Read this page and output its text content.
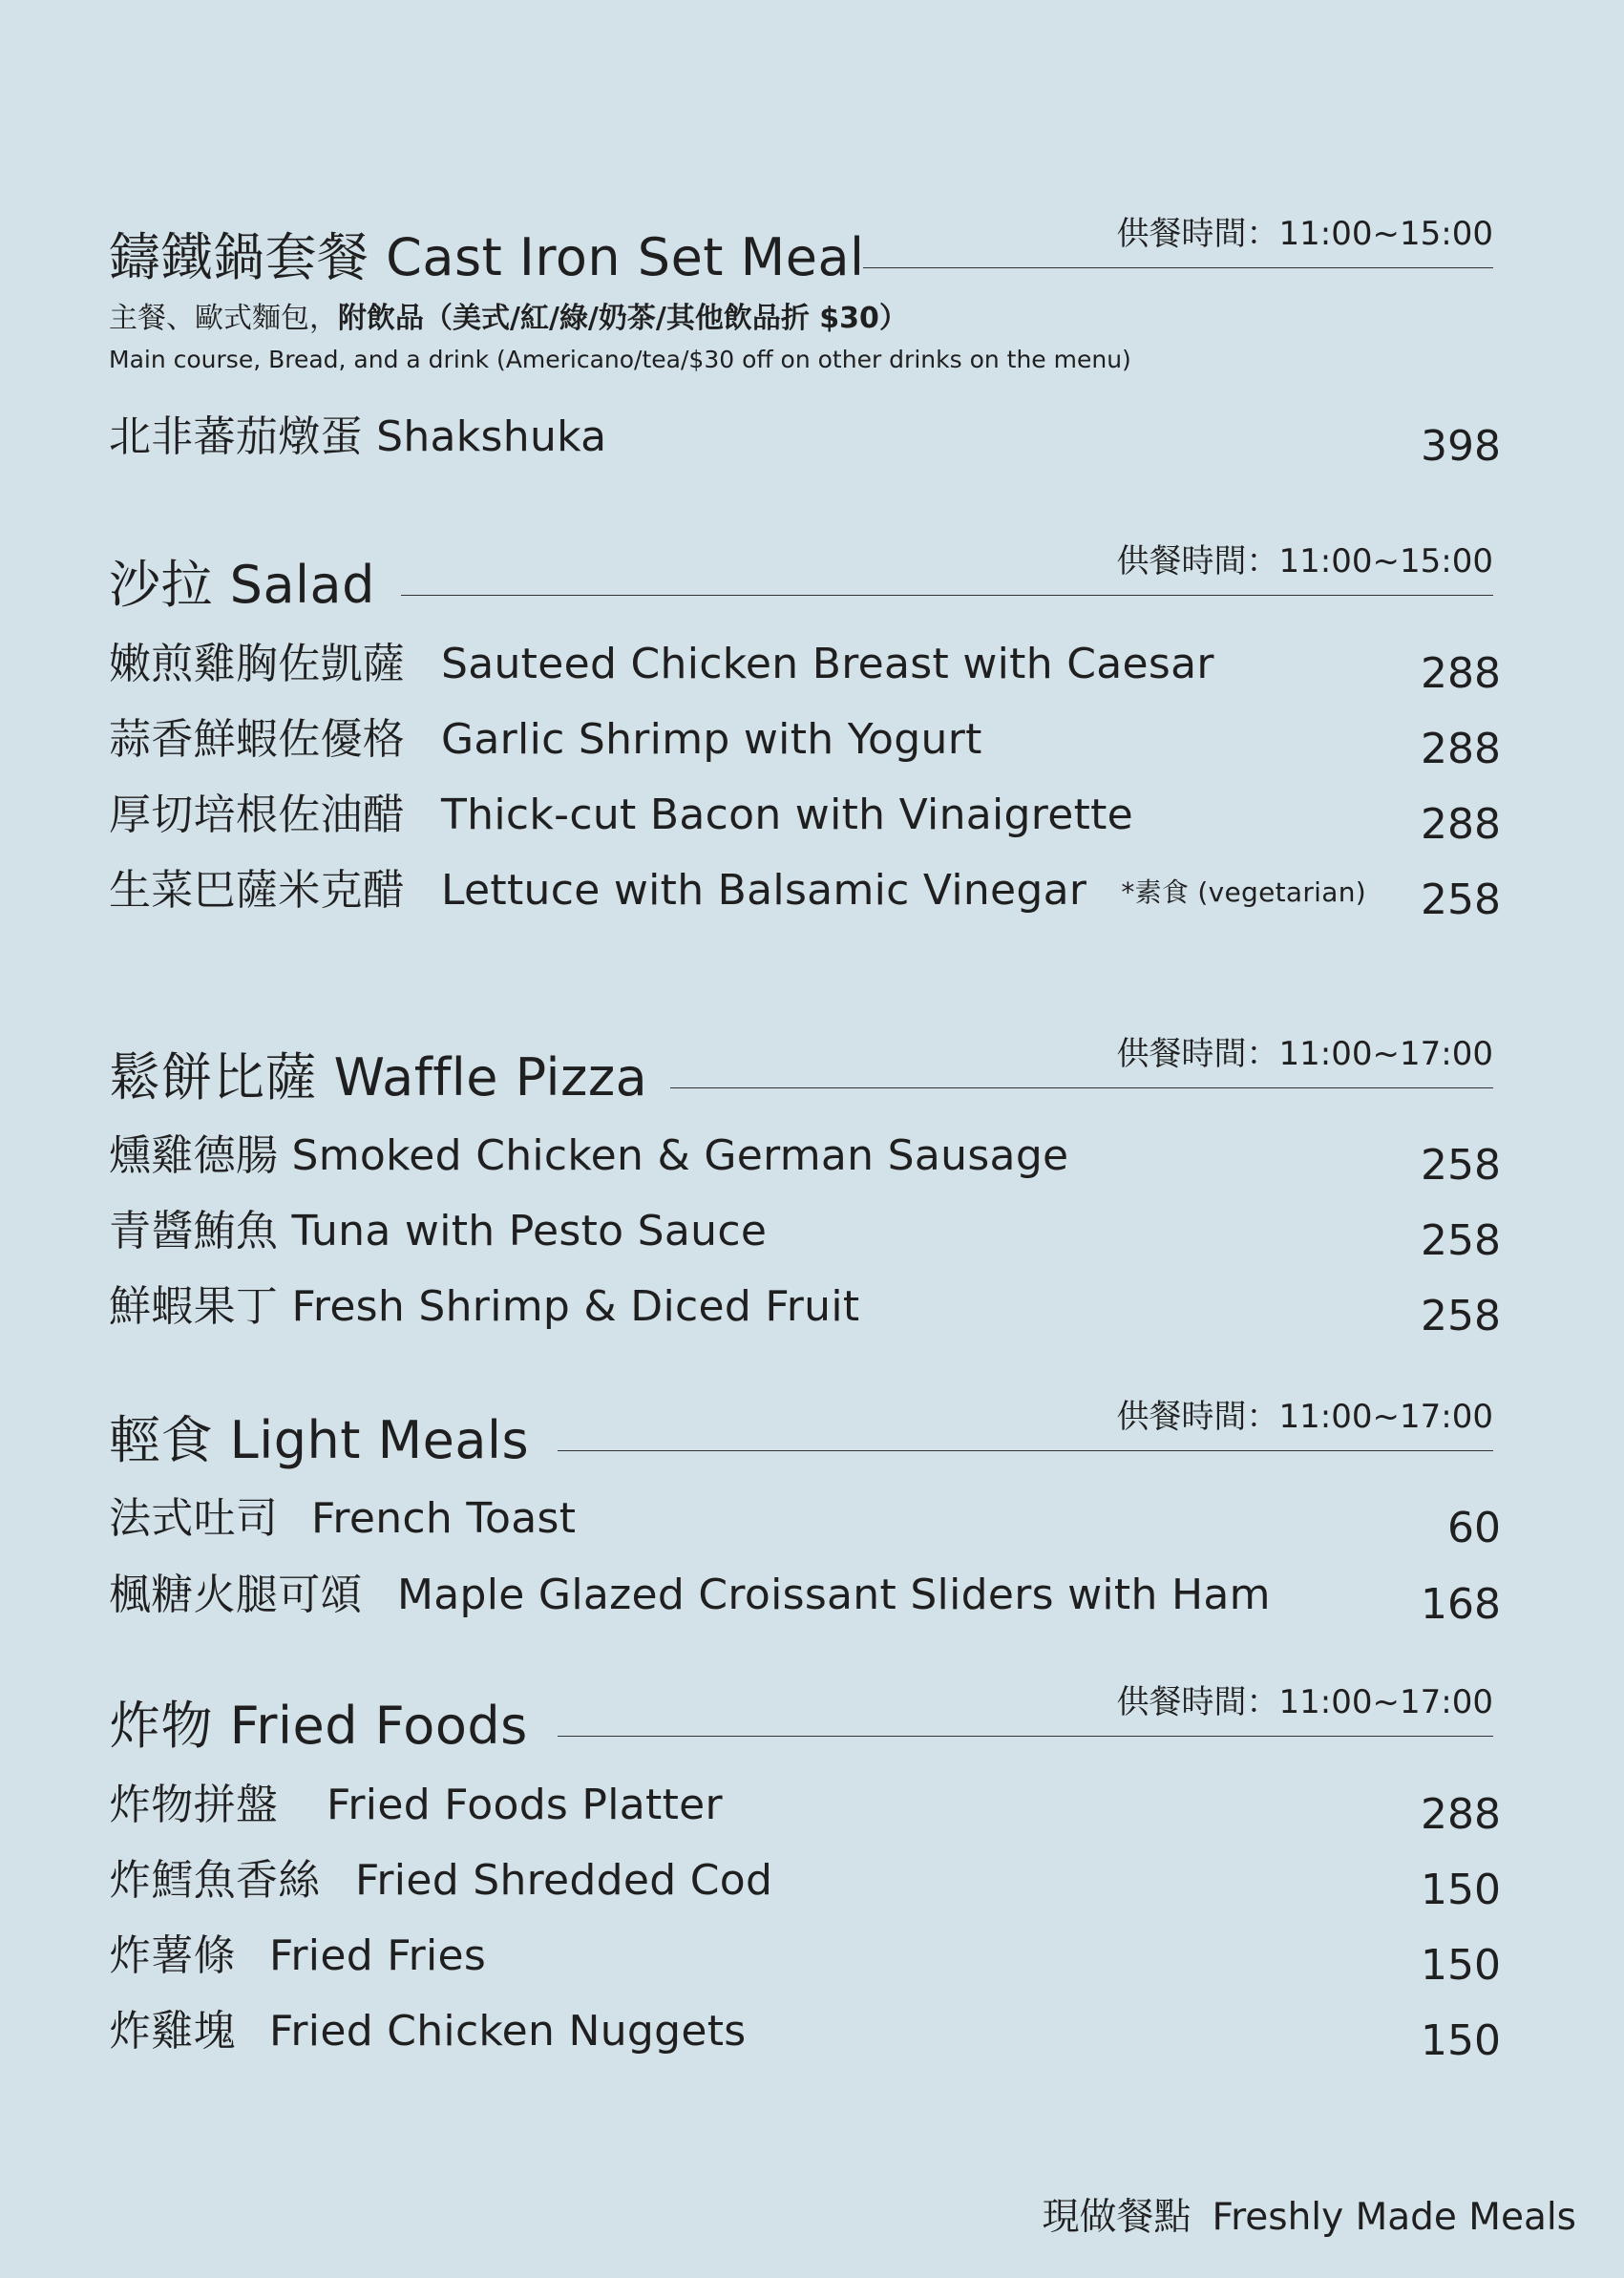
鑄鐵鍋套餐 Cast Iron Set Meal	供餐時間：11:00~15:00
主餐、歐式麵包，附飲品（美式/紅/綠/奶茶/其他飲品折 $30）
Main course, Bread, and a drink (Americano/tea/$30 off on other drinks on the menu)
北非蕃茄燉蛋 Shakshuka	398
沙拉 Salad	供餐時間：11:00~15:00
嫩煎雞胸佐凱薩 Sauteed Chicken Breast with Caesar	288
蒜香鮮蝦佐優格 Garlic Shrimp with Yogurt	288
厚切培根佐油醋 Thick-cut Bacon with Vinaigrette	288
生菜巴薩米克醋 Lettuce with Balsamic Vinegar *素食 (vegetarian) 258
鬆餅比薩 Waffle Pizza	供餐時間：11:00~17:00
燻雞德腸 Smoked Chicken & German Sausage	258
青醬鮪魚 Tuna with Pesto Sauce	258
鮮蝦果丁 Fresh Shrimp & Diced Fruit	258
輕食 Light Meals	供餐時間：11:00~17:00
法式吐司 French Toast	60
楓糖火腿可頌 Maple Glazed Croissant Sliders with Ham	168
炸物 Fried Foods	供餐時間：11:00~17:00
炸物拼盤 Fried Foods Platter	288
炸鱈魚香絲 Fried Shredded Cod	150
炸薯條 Fried Fries	150
炸雞塊 Fried Chicken Nuggets	150
現做餐點 Freshly Made Meals
